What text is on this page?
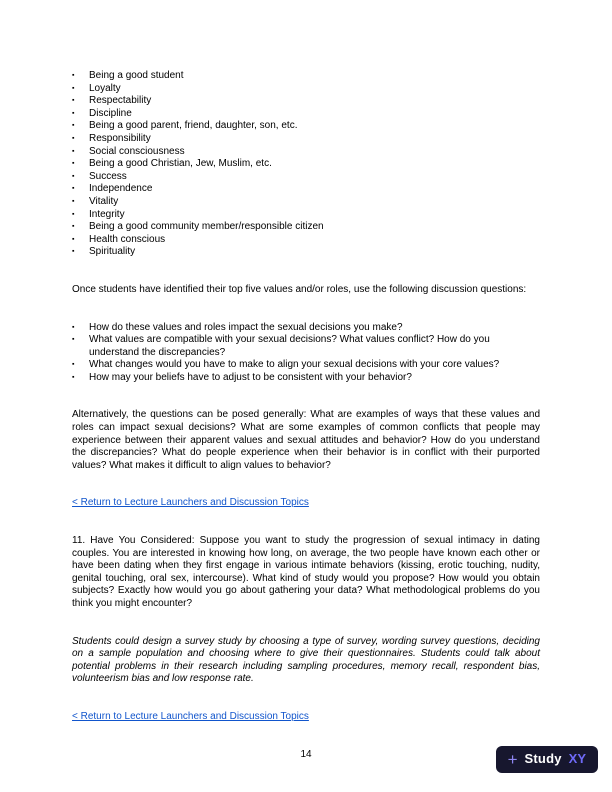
▪	Being a good student
▪	Loyalty
▪	Respectability
▪	Discipline
▪	Being a good parent, friend, daughter, son, etc.
▪	Responsibility
▪	Social consciousness
▪	Being a good Christian, Jew, Muslim, etc.
▪	Success
▪	Independence
▪	Vitality
▪	Integrity
▪	Being a good community member/responsible citizen
▪	Health conscious
▪	Spirituality

Once students have identified their top five values and/or roles, use the following discussion questions:

▪	How do these values and roles impact the sexual decisions you make?
▪	What values are compatible with your sexual decisions? What values conflict? How do you understand the discrepancies?
▪	What changes would you have to make to align your sexual decisions with your core values?
▪	How may your beliefs have to adjust to be consistent with your behavior?

Alternatively, the questions can be posed generally: What are examples of ways that these values and roles can impact sexual decisions? What are some examples of common conflicts that people may experience between their apparent values and sexual attitudes and behavior? How do you understand the discrepancies? What do people experience when their behavior is in conflict with their purported values? What makes it difficult to align values to behavior?

< Return to Lecture Launchers and Discussion Topics

11. Have You Considered: Suppose you want to study the progression of sexual intimacy in dating couples. You are interested in knowing how long, on average, the two people have known each other or have been dating when they first engage in various intimate behaviors (kissing, erotic touching, nudity, genital touching, oral sex, intercourse). What kind of study would you propose? How would you obtain subjects? Exactly how would you go about gathering your data? What methodological problems do you think you might encounter?

Students could design a survey study by choosing a type of survey, wording survey questions, deciding on a sample population and choosing where to give their questionnaires. Students could talk about potential problems in their research including sampling procedures, memory recall, respondent bias, volunteerism bias and low response rate.

< Return to Lecture Launchers and Discussion Topics
14	+ Study XY
